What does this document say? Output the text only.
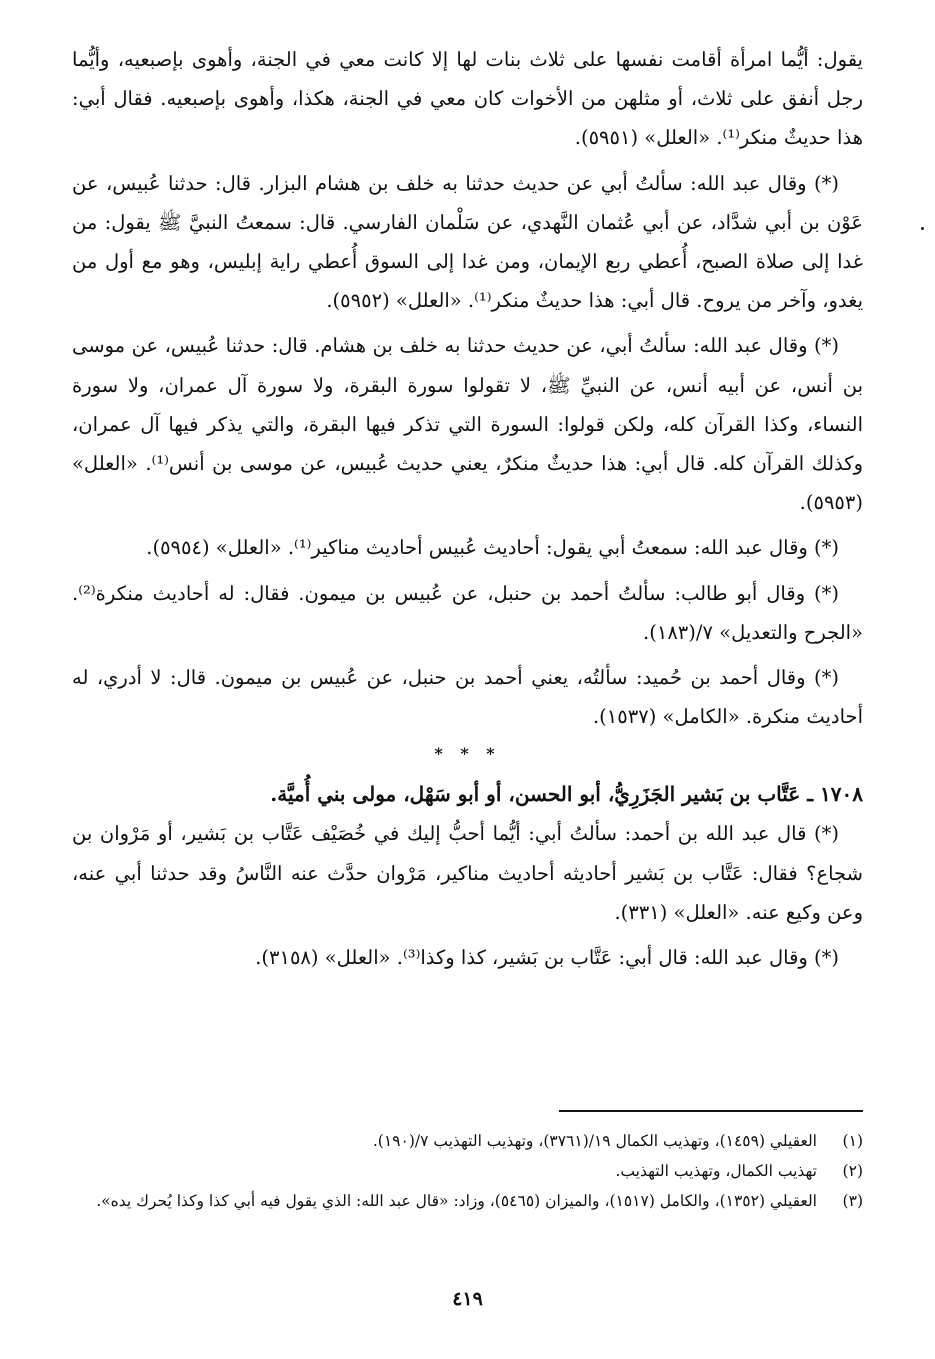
يقول: أيُّما امرأة أقامت نفسها على ثلاث بنات لها إلا كانت معي في الجنة، وأهوى بإصبعيه، وأيُّما رجل أنفق على ثلاث، أو مثلهن من الأخوات كان معي في الجنة، هكذا، وأهوى بإصبعيه. فقال أبي: هذا حديثٌ منكر⁽¹⁾. «العلل» (٥٩٥١).

(*) وقال عبد الله: سألتُ أبي عن حديث حدثنا به خلف بن هشام البزار. قال: حدثنا عُبيس، عن عَوْن بن أبي شدَّاد، عن أبي عُثمان النَّهدي، عن سَلْمان الفارسي. قال: سمعتُ النبيَّ ﷺ يقول: من غدا إلى صلاة الصبح، أُعطي ربع الإيمان، ومن غدا إلى السوق أُعطي راية إبليس، وهو مع أول من يغدو، وآخر من يروح. قال أبي: هذا حديثٌ منكر⁽¹⁾. «العلل» (٥٩٥٢).

(*) وقال عبد الله: سألتُ أبي، عن حديث حدثنا به خلف بن هشام. قال: حدثنا عُبيس، عن موسى بن أنس، عن أبيه أنس، عن النبيِّ ﷺ، لا تقولوا سورة البقرة، ولا سورة آل عمران، ولا سورة النساء، وكذا القرآن كله، ولكن قولوا: السورة التي تذكر فيها البقرة، والتي يذكر فيها آل عمران، وكذلك القرآن كله. قال أبي: هذا حديثٌ منكرٌ، يعني حديث عُبيس، عن موسى بن أنس⁽¹⁾. «العلل» (٥٩٥٣).

(*) وقال عبد الله: سمعتُ أبي يقول: أحاديث عُبيس أحاديث مناكير⁽¹⁾. «العلل» (٥٩٥٤).

(*) وقال أبو طالب: سألتُ أحمد بن حنبل، عن عُبيس بن ميمون. فقال: له أحاديث منكرة⁽²⁾. «الجرح والتعديل» ٧/(١٨٣).

(*) وقال أحمد بن حُميد: سألتُه، يعني أحمد بن حنبل، عن عُبيس بن ميمون. قال: لا أدري، له أحاديث منكرة. «الكامل» (١٥٣٧).

* * *
١٧٠٨ ـ عَتَّاب بن بَشير الجَزَرِيُّ، أبو الحسن، أو أبو سَهْل، مولى بني أُميَّة.

(*) قال عبد الله بن أحمد: سألتُ أبي: أيُّما أحبُّ إليك في خُصَيْف عَتَّاب بن بَشير، أو مَرْوان بن شجاع؟ فقال: عَتَّاب بن بَشير أحاديثه أحاديث مناكير، مَرْوان حدَّث عنه النَّاسُ وقد حدثنا أبي عنه، وعن وكيع عنه. «العلل» (٣٣١).

(*) وقال عبد الله: قال أبي: عَتَّاب بن بَشير، كذا وكذا⁽³⁾. «العلل» (٣١٥٨).

(١)
العقيلي (١٤٥٩)، وتهذيب الكمال ١٩/(٣٧٦١)، وتهذيب التهذيب ٧/(١٩٠).
(٢)
تهذيب الكمال، وتهذيب التهذيب.
(٣)
العقيلي (١٣٥٢)، والكامل (١٥١٧)، والميزان (٥٤٦٥)، وزاد: «قال عبد الله: الذي يقول فيه أبي كذا وكذا يُحرك يده».
٤١٩
